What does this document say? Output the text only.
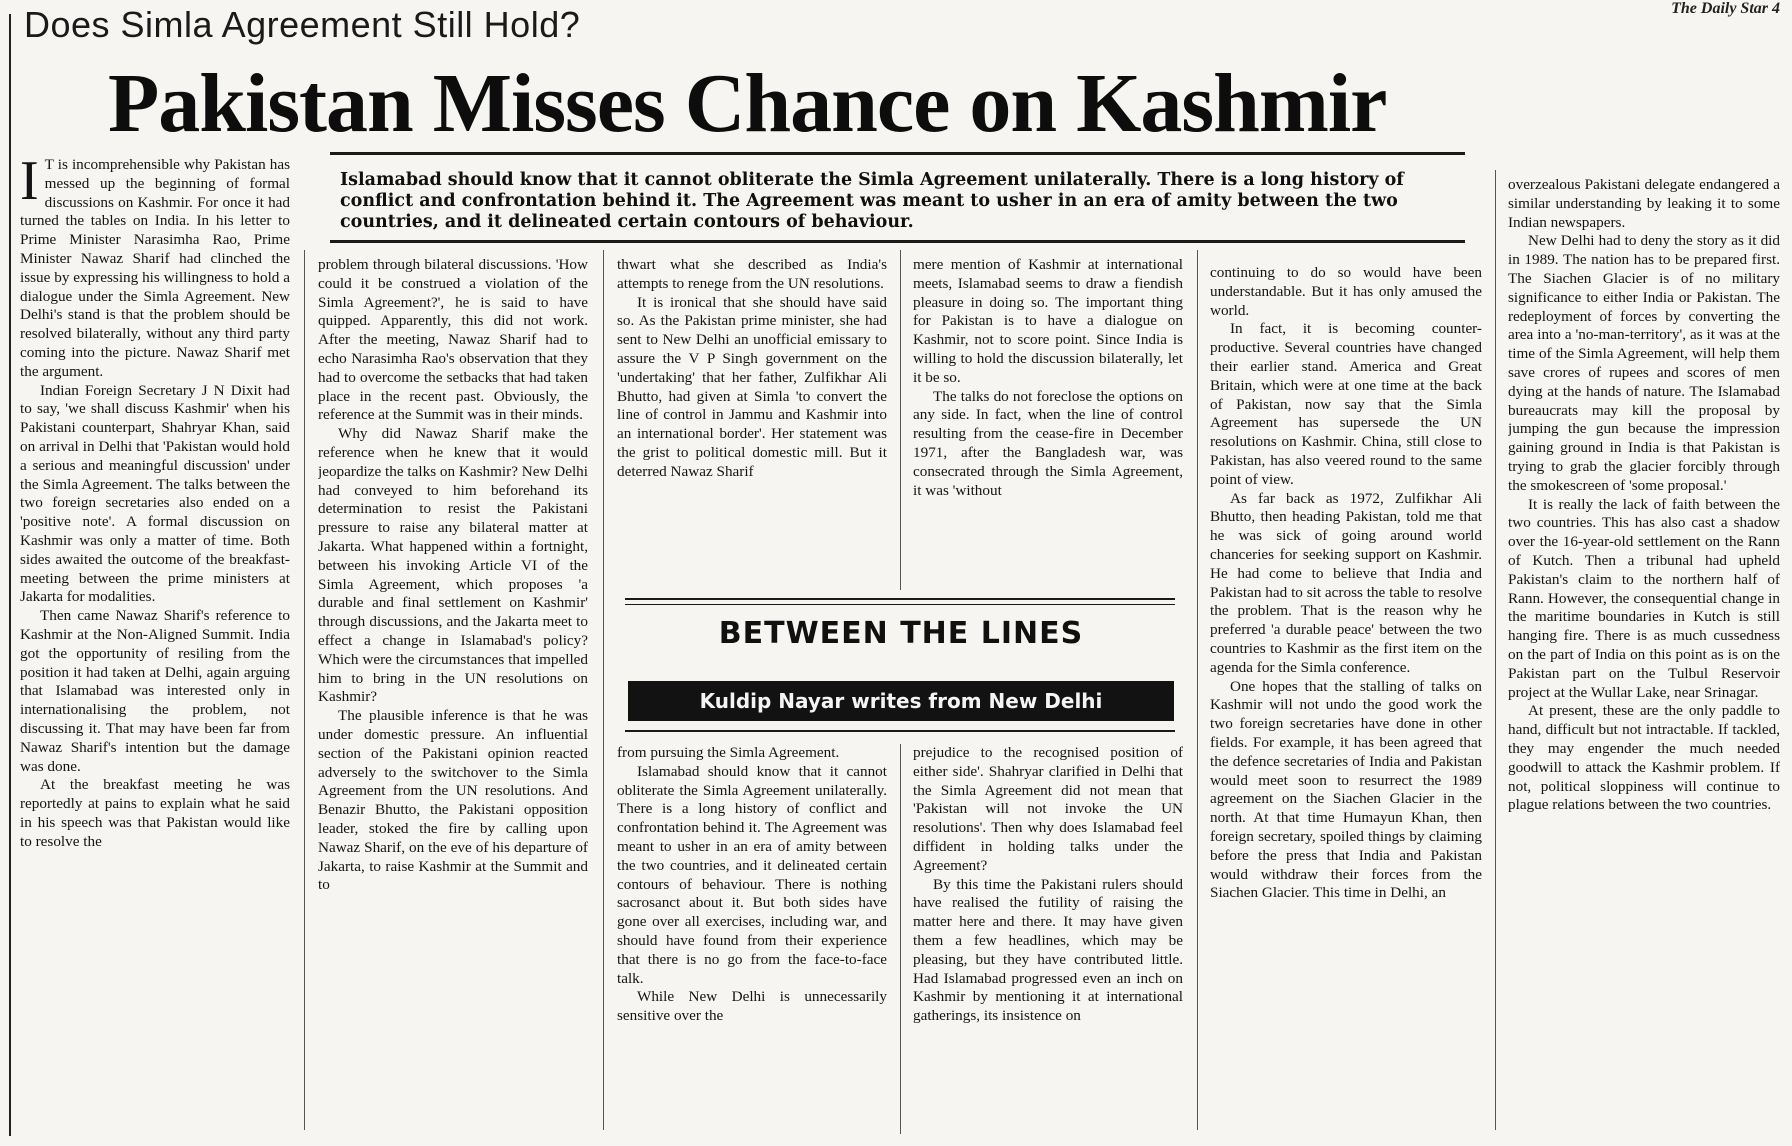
Does Simla Agreement Still Hold?	The Daily Star 4
Pakistan Misses Chance on Kashmir
Islamabad should know that it cannot obliterate the Simla Agreement unilaterally. There is a long history of conflict and confrontation behind it. The Agreement was meant to usher in an era of amity between the two countries, and it delineated certain contours of behaviour.

IT is incomprehensible why Pakistan has messed up the beginning of formal discussions on Kashmir. For once it had turned the tables on India. In his letter to Prime Minister Narasimha Rao, Prime Minister Nawaz Sharif had clinched the issue by expressing his willingness to hold a dialogue under the Simla Agreement. New Delhi's stand is that the problem should be resolved bilaterally, without any third party coming into the picture. Nawaz Sharif met the argument.

Indian Foreign Secretary J N Dixit had to say, 'we shall discuss Kashmir' when his Pakistani counterpart, Shahryar Khan, said on arrival in Delhi that 'Pakistan would hold a serious and meaningful discussion' under the Simla Agreement. The talks between the two foreign secretaries also ended on a 'positive note'. A formal discussion on Kashmir was only a matter of time. Both sides awaited the outcome of the breakfast-meeting between the prime ministers at Jakarta for modalities.

Then came Nawaz Sharif's reference to Kashmir at the Non-Aligned Summit. India got the opportunity of resiling from the position it had taken at Delhi, again arguing that Islamabad was interested only in internationalising the problem, not discussing it. That may have been far from Nawaz Sharif's intention but the damage was done.

At the breakfast meeting he was reportedly at pains to explain what he said in his speech was that Pakistan would like to resolve the

problem through bilateral discussions. 'How could it be construed a violation of the Simla Agreement?', he is said to have quipped. Apparently, this did not work. After the meeting, Nawaz Sharif had to echo Narasimha Rao's observation that they had to overcome the setbacks that had taken place in the recent past. Obviously, the reference at the Summit was in their minds.

Why did Nawaz Sharif make the reference when he knew that it would jeopardize the talks on Kashmir? New Delhi had conveyed to him beforehand its determination to resist the Pakistani pressure to raise any bilateral matter at Jakarta. What happened within a fortnight, between his invoking Article VI of the Simla Agreement, which proposes 'a durable and final settlement on Kashmir' through discussions, and the Jakarta meet to effect a change in Islamabad's policy? Which were the circumstances that impelled him to bring in the UN resolutions on Kashmir?

The plausible inference is that he was under domestic pressure. An influential section of the Pakistani opinion reacted adversely to the switchover to the Simla Agreement from the UN resolutions. And Benazir Bhutto, the Pakistani opposition leader, stoked the fire by calling upon Nawaz Sharif, on the eve of his departure of Jakarta, to raise Kashmir at the Summit and to

thwart what she described as India's attempts to renege from the UN resolutions.

It is ironical that she should have said so. As the Pakistan prime minister, she had sent to New Delhi an unofficial emissary to assure the V P Singh government on the 'undertaking' that her father, Zulfikhar Ali Bhutto, had given at Simla 'to convert the line of control in Jammu and Kashmir into an international border'. Her statement was the grist to political domestic mill. But it deterred Nawaz Sharif

mere mention of Kashmir at international meets, Islamabad seems to draw a fiendish pleasure in doing so. The important thing for Pakistan is to have a dialogue on Kashmir, not to score point. Since India is willing to hold the discussion bilaterally, let it be so.

The talks do not foreclose the options on any side. In fact, when the line of control resulting from the cease-fire in December 1971, after the Bangladesh war, was consecrated through the Simla Agreement, it was 'without

BETWEEN THE LINES
Kuldip Nayar writes from New Delhi

from pursuing the Simla Agreement.

Islamabad should know that it cannot obliterate the Simla Agreement unilaterally. There is a long history of conflict and confrontation behind it. The Agreement was meant to usher in an era of amity between the two countries, and it delineated certain contours of behaviour. There is nothing sacrosanct about it. But both sides have gone over all exercises, including war, and should have found from their experience that there is no go from the face-to-face talk.

While New Delhi is unnecessarily sensitive over the

prejudice to the recognised position of either side'. Shahryar clarified in Delhi that the Simla Agreement did not mean that 'Pakistan will not invoke the UN resolutions'. Then why does Islamabad feel diffident in holding talks under the Agreement?

By this time the Pakistani rulers should have realised the futility of raising the matter here and there. It may have given them a few headlines, which may be pleasing, but they have contributed little. Had Islamabad progressed even an inch on Kashmir by mentioning it at international gatherings, its insistence on

continuing to do so would have been understandable. But it has only amused the world.

In fact, it is becoming counter-productive. Several countries have changed their earlier stand. America and Great Britain, which were at one time at the back of Pakistan, now say that the Simla Agreement has supersede the UN resolutions on Kashmir. China, still close to Pakistan, has also veered round to the same point of view.

As far back as 1972, Zulfikhar Ali Bhutto, then heading Pakistan, told me that he was sick of going around world chanceries for seeking support on Kashmir. He had come to believe that India and Pakistan had to sit across the table to resolve the problem. That is the reason why he preferred 'a durable peace' between the two countries to Kashmir as the first item on the agenda for the Simla conference.

One hopes that the stalling of talks on Kashmir will not undo the good work the two foreign secretaries have done in other fields. For example, it has been agreed that the defence secretaries of India and Pakistan would meet soon to resurrect the 1989 agreement on the Siachen Glacier in the north. At that time Humayun Khan, then foreign secretary, spoiled things by claiming before the press that India and Pakistan would withdraw their forces from the Siachen Glacier. This time in Delhi, an

overzealous Pakistani delegate endangered a similar understanding by leaking it to some Indian newspapers.

New Delhi had to deny the story as it did in 1989. The nation has to be prepared first. The Siachen Glacier is of no military significance to either India or Pakistan. The redeployment of forces by converting the area into a 'no-man-territory', as it was at the time of the Simla Agreement, will help them save crores of rupees and scores of men dying at the hands of nature. The Islamabad bureaucrats may kill the proposal by jumping the gun because the impression gaining ground in India is that Pakistan is trying to grab the glacier forcibly through the smokescreen of 'some proposal.'

It is really the lack of faith between the two countries. This has also cast a shadow over the 16-year-old settlement on the Rann of Kutch. Then a tribunal had upheld Pakistan's claim to the northern half of Rann. However, the consequential change in the maritime boundaries in Kutch is still hanging fire. There is as much cussedness on the part of India on this point as is on the Pakistan part on the Tulbul Reservoir project at the Wullar Lake, near Srinagar.

At present, these are the only paddle to hand, difficult but not intractable. If tackled, they may engender the much needed goodwill to attack the Kashmir problem. If not, political sloppiness will continue to plague relations between the two countries.
